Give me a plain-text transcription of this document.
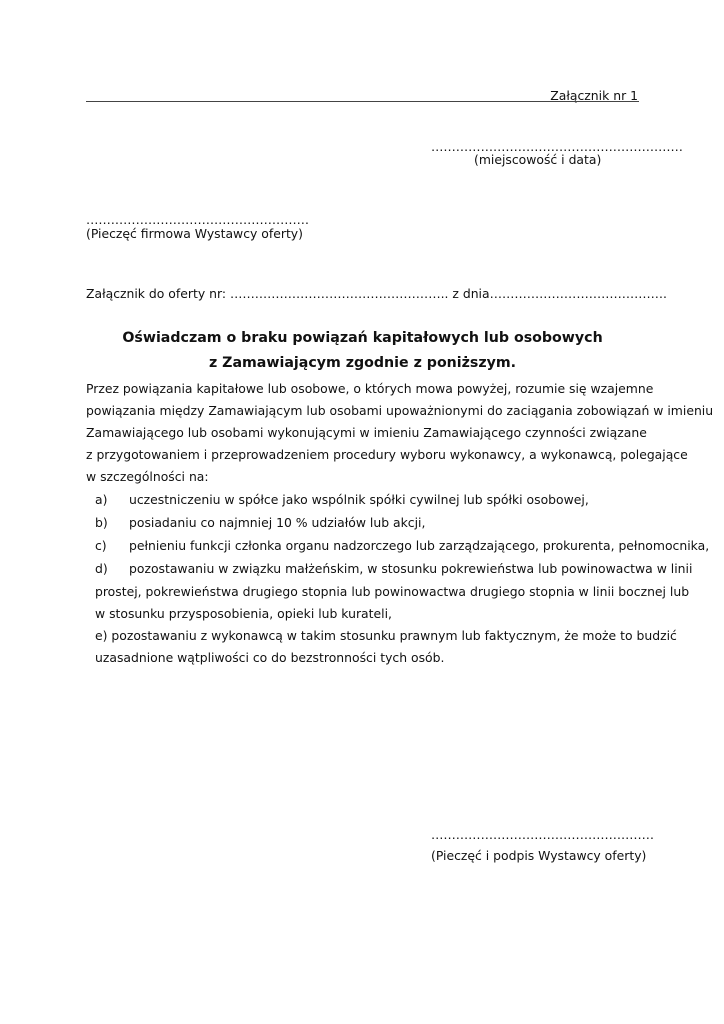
Załącznik nr 1
…………………………………………………….
(miejscowość i data)
………………………………………………
(Pieczęć firmowa Wystawcy oferty)
Załącznik do oferty nr: …………………………………………….. z dnia…………………………………….
Oświadczam o braku powiązań kapitałowych lub osobowych
z Zamawiającym zgodnie z poniższym.
Przez powiązania kapitałowe lub osobowe, o których mowa powyżej, rozumie się wzajemne
powiązania między Zamawiającym lub osobami upoważnionymi do zaciągania zobowiązań w imieniu
Zamawiającego lub osobami wykonującymi w imieniu Zamawiającego czynności związane
z przygotowaniem i przeprowadzeniem procedury wyboru wykonawcy, a wykonawcą, polegające
w szczególności na:
a) uczestniczeniu w spółce jako wspólnik spółki cywilnej lub spółki osobowej,
b) posiadaniu co najmniej 10 % udziałów lub akcji,
c) pełnieniu funkcji członka organu nadzorczego lub zarządzającego, prokurenta, pełnomocnika,
d) pozostawaniu w związku małżeńskim, w stosunku pokrewieństwa lub powinowactwa w linii
prostej, pokrewieństwa drugiego stopnia lub powinowactwa drugiego stopnia w linii bocznej lub
w stosunku przysposobienia, opieki lub kurateli,
e) pozostawaniu z wykonawcą w takim stosunku prawnym lub faktycznym, że może to budzić
uzasadnione wątpliwości co do bezstronności tych osób.
………………………………………………
(Pieczęć i podpis Wystawcy oferty)
